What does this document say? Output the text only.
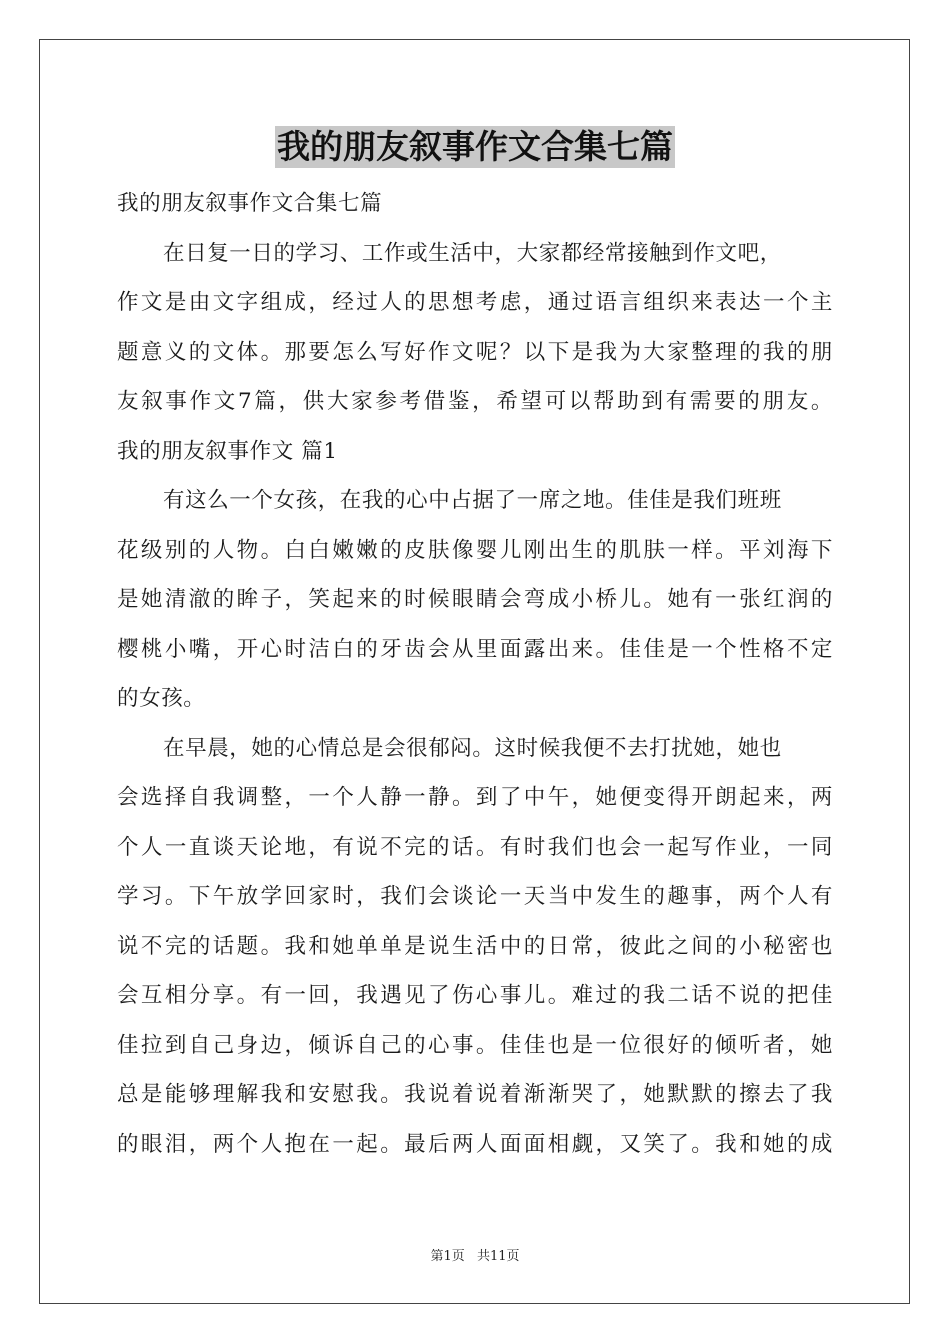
我的朋友叙事作文合集七篇
我的朋友叙事作文合集七篇
在日复一日的学习、工作或生活中，大家都经常接触到作文吧，
作文是由文字组成，经过人的思想考虑，通过语言组织来表达一个主
题意义的文体。那要怎么写好作文呢？以下是我为大家整理的我的朋
友叙事作文7篇，供大家参考借鉴，希望可以帮助到有需要的朋友。
我的朋友叙事作文 篇1
有这么一个女孩，在我的心中占据了一席之地。佳佳是我们班班
花级别的人物。白白嫩嫩的皮肤像婴儿刚出生的肌肤一样。平刘海下
是她清澈的眸子，笑起来的时候眼睛会弯成小桥儿。她有一张红润的
樱桃小嘴，开心时洁白的牙齿会从里面露出来。佳佳是一个性格不定
的女孩。
在早晨，她的心情总是会很郁闷。这时候我便不去打扰她，她也
会选择自我调整，一个人静一静。到了中午，她便变得开朗起来，两
个人一直谈天论地，有说不完的话。有时我们也会一起写作业，一同
学习。下午放学回家时，我们会谈论一天当中发生的趣事，两个人有
说不完的话题。我和她单单是说生活中的日常，彼此之间的小秘密也
会互相分享。有一回，我遇见了伤心事儿。难过的我二话不说的把佳
佳拉到自己身边，倾诉自己的心事。佳佳也是一位很好的倾听者，她
总是能够理解我和安慰我。我说着说着渐渐哭了，她默默的擦去了我
的眼泪，两个人抱在一起。最后两人面面相觑，又笑了。我和她的成
第1页 共11页
